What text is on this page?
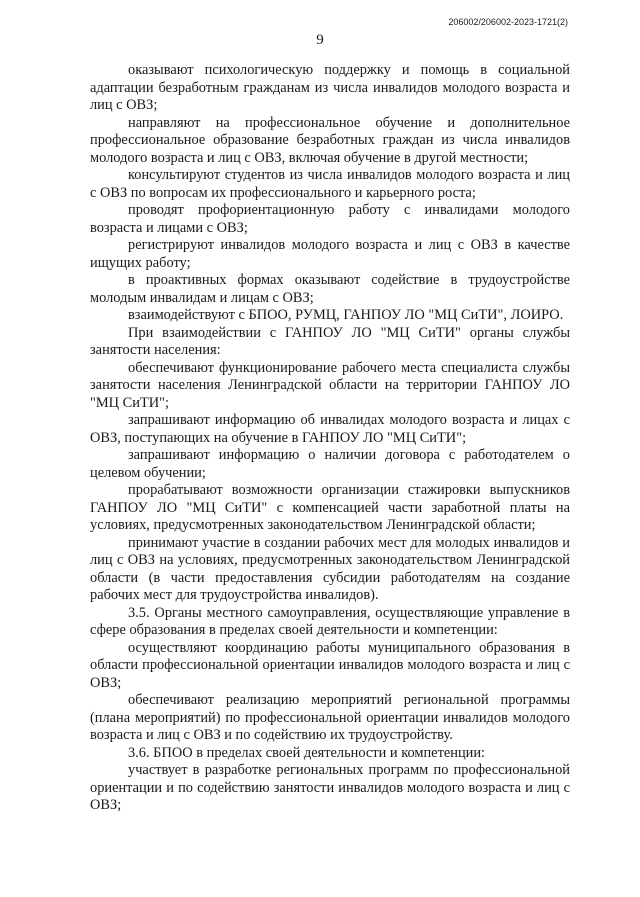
206002/206002-2023-1721(2)
9

оказывают психологическую поддержку и помощь в социальной адаптации безработным гражданам из числа инвалидов молодого возраста и лиц с ОВЗ;

направляют на профессиональное обучение и дополнительное профессиональное образование безработных граждан из числа инвалидов молодого возраста и лиц с ОВЗ, включая обучение в другой местности;

консультируют студентов из числа инвалидов молодого возраста и лиц с ОВЗ по вопросам их профессионального и карьерного роста;

проводят профориентационную работу с инвалидами молодого возраста и лицами с ОВЗ;

регистрируют инвалидов молодого возраста и лиц с ОВЗ в качестве ищущих работу;

в проактивных формах оказывают содействие в трудоустройстве молодым инвалидам и лицам с ОВЗ;

взаимодействуют с БПОО, РУМЦ, ГАНПОУ ЛО "МЦ СиТИ", ЛОИРО.

При взаимодействии с ГАНПОУ ЛО "МЦ СиТИ" органы службы занятости населения:

обеспечивают функционирование рабочего места специалиста службы занятости населения Ленинградской области на территории ГАНПОУ ЛО "МЦ СиТИ";

запрашивают информацию об инвалидах молодого возраста и лицах с ОВЗ, поступающих на обучение в ГАНПОУ ЛО "МЦ СиТИ";

запрашивают информацию о наличии договора с работодателем о целевом обучении;

прорабатывают возможности организации стажировки выпускников ГАНПОУ ЛО "МЦ СиТИ" с компенсацией части заработной платы на условиях, предусмотренных законодательством Ленинградской области;

принимают участие в создании рабочих мест для молодых инвалидов и лиц с ОВЗ на условиях, предусмотренных законодательством Ленинградской области (в части предоставления субсидии работодателям на создание рабочих мест для трудоустройства инвалидов).

3.5. Органы местного самоуправления, осуществляющие управление в сфере образования в пределах своей деятельности и компетенции:

осуществляют координацию работы муниципального образования в области профессиональной ориентации инвалидов молодого возраста и лиц с ОВЗ;

обеспечивают реализацию мероприятий региональной программы (плана мероприятий) по профессиональной ориентации инвалидов молодого возраста и лиц с ОВЗ и по содействию их трудоустройству.

3.6. БПОО в пределах своей деятельности и компетенции:

участвует в разработке региональных программ по профессиональной ориентации и по содействию занятости инвалидов молодого возраста и лиц с ОВЗ;
